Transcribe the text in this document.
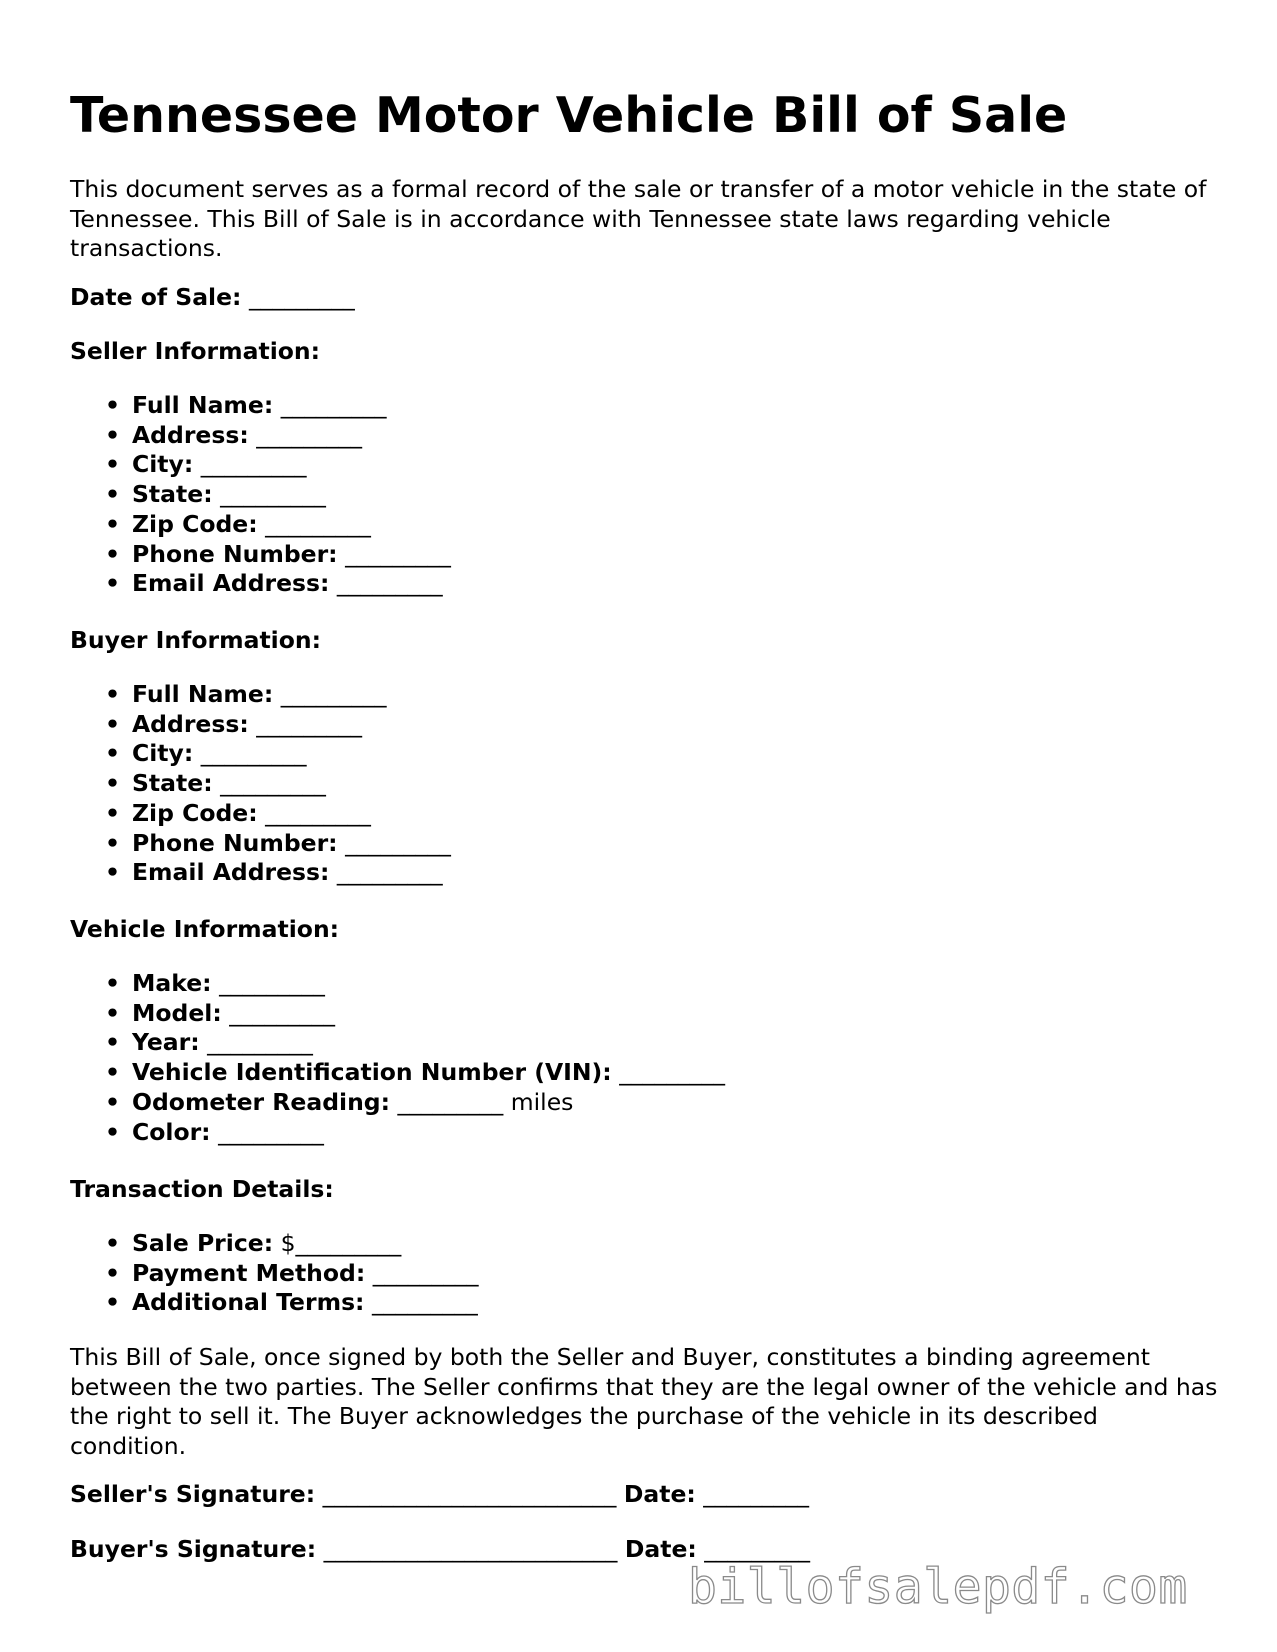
Tennessee Motor Vehicle Bill of Sale

This document serves as a formal record of the sale or transfer of a motor vehicle in the state of Tennessee. This Bill of Sale is in accordance with Tennessee state laws regarding vehicle transactions.

Date of Sale: _________
Seller Information:
• Full Name: _________
• Address: _________
• City: _________
• State: _________
• Zip Code: _________
• Phone Number: _________
• Email Address: _________
Buyer Information:
• Full Name: _________
• Address: _________
• City: _________
• State: _________
• Zip Code: _________
• Phone Number: _________
• Email Address: _________
Vehicle Information:
• Make: _________
• Model: _________
• Year: _________
• Vehicle Identification Number (VIN): _________
• Odometer Reading: _________ miles
• Color: _________
Transaction Details:
• Sale Price: $_________
• Payment Method: _________
• Additional Terms: _________

This Bill of Sale, once signed by both the Seller and Buyer, constitutes a binding agreement between the two parties. The Seller confirms that they are the legal owner of the vehicle and has the right to sell it. The Buyer acknowledges the purchase of the vehicle in its described condition.

Seller's Signature: _________________________ Date: _________
Buyer's Signature: _________________________ Date: _________
billofsalepdf.com
